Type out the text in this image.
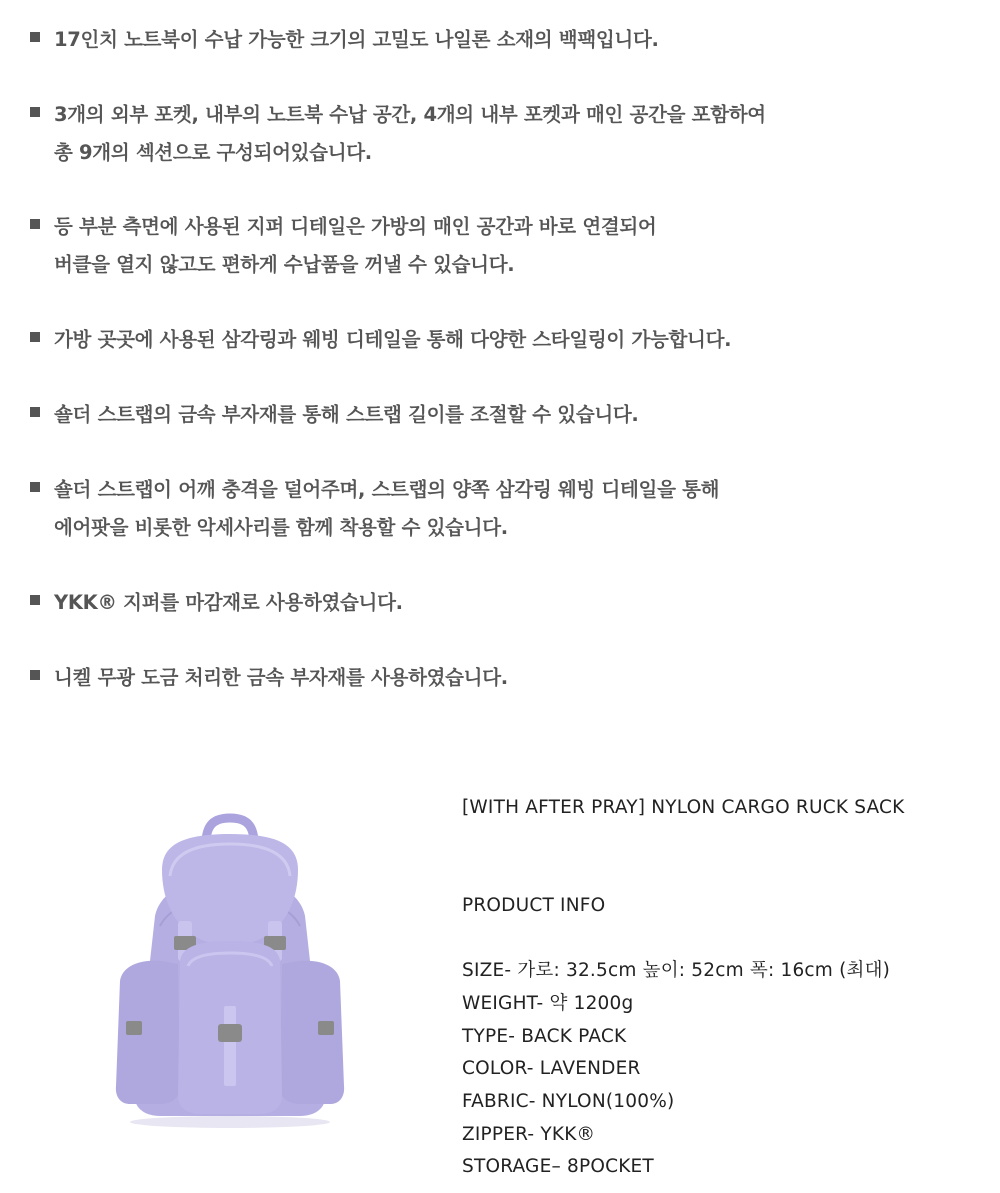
17인치 노트북이 수납 가능한 크기의 고밀도 나일론 소재의 백팩입니다.
3개의 외부 포켓, 내부의 노트북 수납 공간, 4개의 내부 포켓과 매인 공간을 포함하여
총 9개의 섹션으로 구성되어있습니다.
등 부분 측면에 사용된 지퍼 디테일은 가방의 매인 공간과 바로 연결되어
버클을 열지 않고도 편하게 수납품을 꺼낼 수 있습니다.
가방 곳곳에 사용된 삼각링과 웨빙 디테일을 통해 다양한 스타일링이 가능합니다.
숄더 스트랩의 금속 부자재를 통해 스트랩 길이를 조절할 수 있습니다.
숄더 스트랩이 어깨 충격을 덜어주며, 스트랩의 양쪽 삼각링 웨빙 디테일을 통해
에어팟을 비롯한 악세사리를 함께 착용할 수 있습니다.
YKK® 지퍼를 마감재로 사용하였습니다.
니켈 무광 도금 처리한 금속 부자재를 사용하였습니다.
[WITH AFTER PRAY] NYLON CARGO RUCK SACK
PRODUCT INFO
SIZE- 가로: 32.5cm 높이: 52cm 폭: 16cm (최대)
WEIGHT- 약 1200g
TYPE- BACK PACK
COLOR- LAVENDER
FABRIC- NYLON(100%)
ZIPPER- YKK®
STORAGE– 8POCKET
